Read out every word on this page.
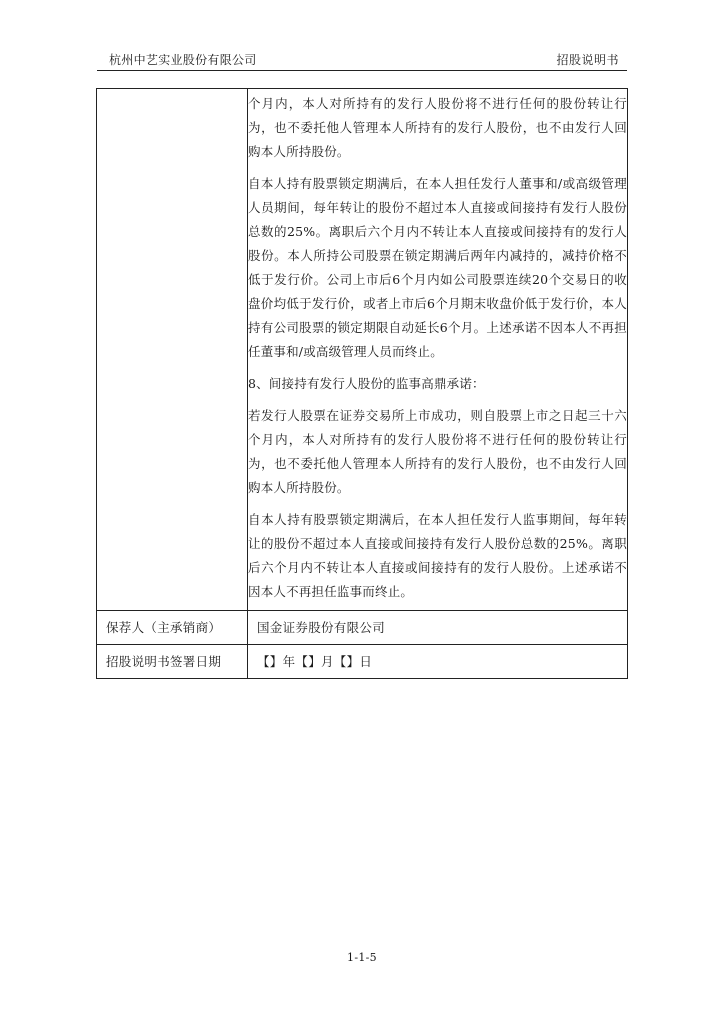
杭州中艺实业股份有限公司	招股说明书

	个月内，本人对所持有的发行人股份将不进行任何的股份转让行为，也不委托他人管理本人所持有的发行人股份，也不由发行人回购本人所持股份。

自本人持有股票锁定期满后，在本人担任发行人董事和/或高级管理人员期间，每年转让的股份不超过本人直接或间接持有发行人股份总数的25%。离职后六个月内不转让本人直接或间接持有的发行人股份。本人所持公司股票在锁定期满后两年内减持的，减持价格不低于发行价。公司上市后6个月内如公司股票连续20个交易日的收盘价均低于发行价，或者上市后6个月期末收盘价低于发行价，本人持有公司股票的锁定期限自动延长6个月。上述承诺不因本人不再担任董事和/或高级管理人员而终止。

8、间接持有发行人股份的监事高鼎承诺：

若发行人股票在证券交易所上市成功，则自股票上市之日起三十六个月内，本人对所持有的发行人股份将不进行任何的股份转让行为，也不委托他人管理本人所持有的发行人股份，也不由发行人回购本人所持股份。

自本人持有股票锁定期满后，在本人担任发行人监事期间，每年转让的股份不超过本人直接或间接持有发行人股份总数的25%。离职后六个月内不转让本人直接或间接持有的发行人股份。上述承诺不因本人不再担任监事而终止。

保荐人（主承销商）	国金证券股份有限公司

招股说明书签署日期	【】年【】月【】日
1-1-5
